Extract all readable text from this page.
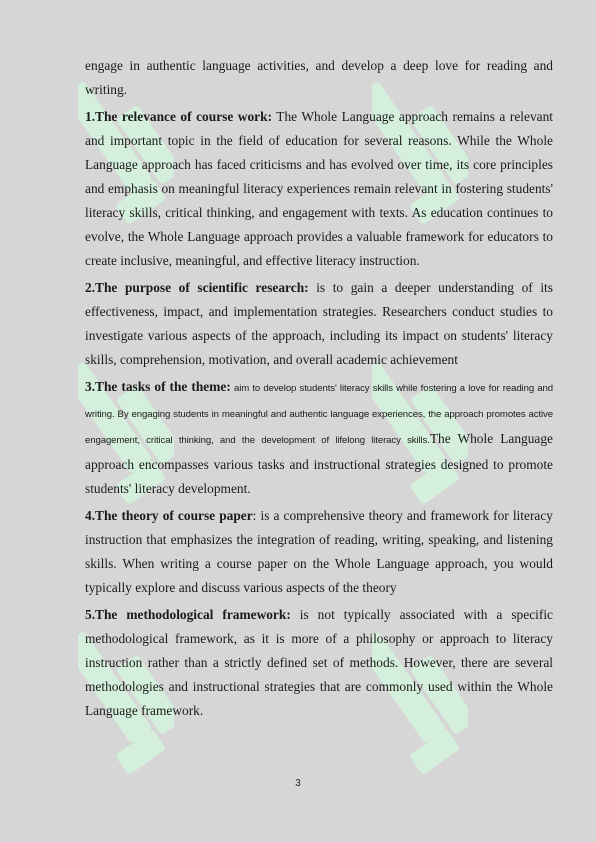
engage in authentic language activities, and develop a deep love for reading and writing.

1.The relevance of course work: The Whole Language approach remains a relevant and important topic in the field of education for several reasons. While the Whole Language approach has faced criticisms and has evolved over time, its core principles and emphasis on meaningful literacy experiences remain relevant in fostering students' literacy skills, critical thinking, and engagement with texts. As education continues to evolve, the Whole Language approach provides a valuable framework for educators to create inclusive, meaningful, and effective literacy instruction.

2.The purpose of scientific research: is to gain a deeper understanding of its effectiveness, impact, and implementation strategies. Researchers conduct studies to investigate various aspects of the approach, including its impact on students' literacy skills, comprehension, motivation, and overall academic achievement

3.The tasks of the theme: aim to develop students' literacy skills while fostering a love for reading and writing. By engaging students in meaningful and authentic language experiences, the approach promotes active engagement, critical thinking, and the development of lifelong literacy skills.The Whole Language approach encompasses various tasks and instructional strategies designed to promote students' literacy development.

4.The theory of course paper: is a comprehensive theory and framework for literacy instruction that emphasizes the integration of reading, writing, speaking, and listening skills. When writing a course paper on the Whole Language approach, you would typically explore and discuss various aspects of the theory

5.The methodological framework: is not typically associated with a specific methodological framework, as it is more of a philosophy or approach to literacy instruction rather than a strictly defined set of methods. However, there are several methodologies and instructional strategies that are commonly used within the Whole Language framework.

3
